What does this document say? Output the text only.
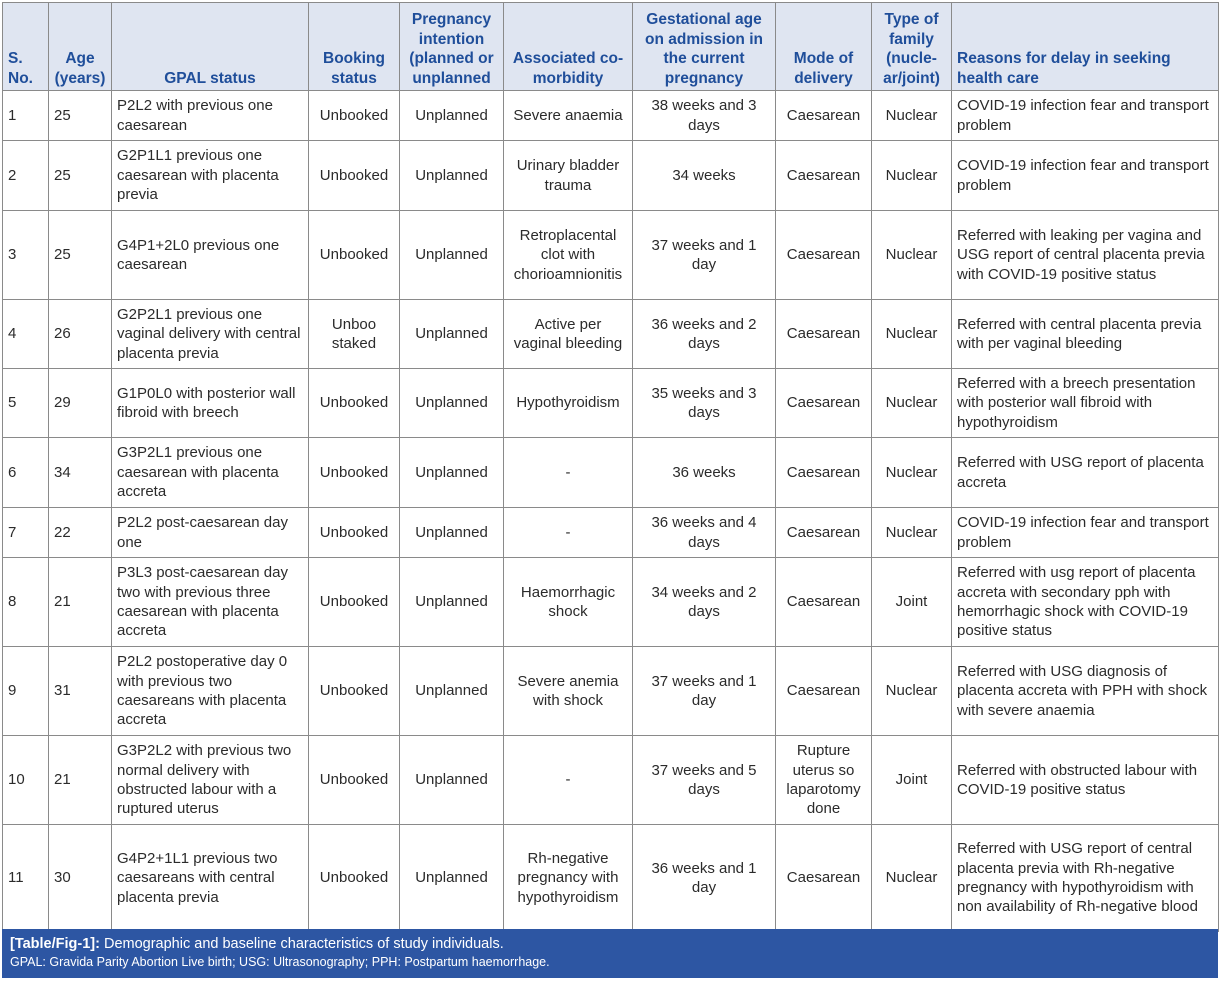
S. No.	Age (years)	GPAL status	Booking status	Pregnancy intention (planned or unplanned	Associated co-morbidity	Gestational age on admission in the current pregnancy	Mode of delivery	Type of family (nucle-ar/joint)	Reasons for delay in seeking health care
1	25	P2L2 with previous one caesarean	Unbooked	Unplanned	Severe anaemia	38 weeks and 3 days	Caesarean	Nuclear	COVID-19 infection fear and transport problem
2	25	G2P1L1 previous one caesarean with placenta previa	Unbooked	Unplanned	Urinary bladder trauma	34 weeks	Caesarean	Nuclear	COVID-19 infection fear and transport problem
3	25	G4P1+2L0 previous one caesarean	Unbooked	Unplanned	Retroplacental clot with chorioamnionitis	37 weeks and 1 day	Caesarean	Nuclear	Referred with leaking per vagina and USG report of central placenta previa with COVID-19 positive status
4	26	G2P2L1 previous one vaginal delivery with central placenta previa	Unboo staked	Unplanned	Active per vaginal bleeding	36 weeks and 2 days	Caesarean	Nuclear	Referred with central placenta previa with per vaginal bleeding
5	29	G1P0L0 with posterior wall fibroid with breech	Unbooked	Unplanned	Hypothyroidism	35 weeks and 3 days	Caesarean	Nuclear	Referred with a breech presentation with posterior wall fibroid with hypothyroidism
6	34	G3P2L1 previous one caesarean with placenta accreta	Unbooked	Unplanned	-	36 weeks	Caesarean	Nuclear	Referred with USG report of placenta accreta
7	22	P2L2 post-caesarean day one	Unbooked	Unplanned	-	36 weeks and 4 days	Caesarean	Nuclear	COVID-19 infection fear and transport problem
8	21	P3L3 post-caesarean day two with previous three caesarean with placenta accreta	Unbooked	Unplanned	Haemorrhagic shock	34 weeks and 2 days	Caesarean	Joint	Referred with usg report of placenta accreta with secondary pph with hemorrhagic shock with COVID-19 positive status
9	31	P2L2 postoperative day 0 with previous two caesareans with placenta accreta	Unbooked	Unplanned	Severe anemia with shock	37 weeks and 1 day	Caesarean	Nuclear	Referred with USG diagnosis of placenta accreta with PPH with shock with severe anaemia
10	21	G3P2L2 with previous two normal delivery with obstructed labour with a ruptured uterus	Unbooked	Unplanned	-	37 weeks and 5 days	Rupture uterus so laparotomy done	Joint	Referred with obstructed labour with COVID-19 positive status
11	30	G4P2+1L1 previous two caesareans with central placenta previa	Unbooked	Unplanned	Rh-negative pregnancy with hypothyroidism	36 weeks and 1 day	Caesarean	Nuclear	Referred with USG report of central placenta previa with Rh-negative pregnancy with hypothyroidism with non availability of Rh-negative blood
[Table/Fig-1]: Demographic and baseline characteristics of study individuals.
GPAL: Gravida Parity Abortion Live birth; USG: Ultrasonography; PPH: Postpartum haemorrhage.
